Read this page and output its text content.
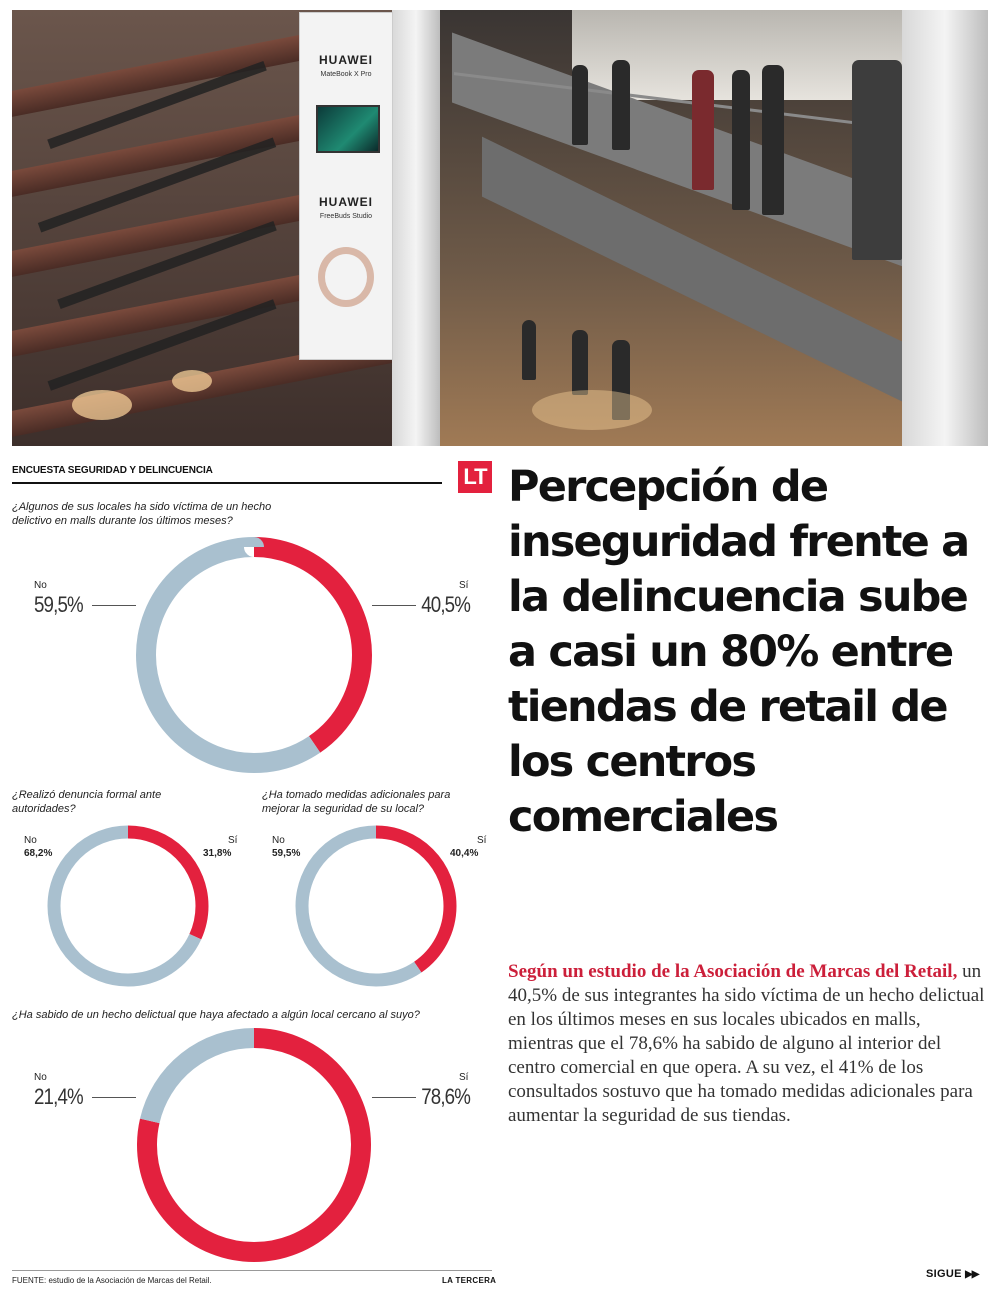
HUAWEI
MateBook X Pro
HUAWEI
FreeBuds Studio
ENCUESTA SEGURIDAD Y DELINCUENCIA	LT
¿Algunos de sus locales ha sido víctima de un hecho delictivo en malls durante los últimos meses?
No
59,5%
Sí
40,5%
¿Realizó denuncia formal ante autoridades?
No
68,2%
Sí
31,8%
¿Ha tomado medidas adicionales para mejorar la seguridad de su local?
No
59,5%
Sí
40,4%
¿Ha sabido de un hecho delictual que haya afectado a algún local cercano al suyo?
No
21,4%
Sí
78,6%
FUENTE: estudio de la Asociación de Marcas del Retail.	LA TERCERA
Percepción de inseguridad frente a la delincuencia sube a casi un 80% entre tiendas de retail de los centros comerciales
Según un estudio de la Asociación de Marcas del Retail, un 40,5% de sus integrantes ha sido víctima de un hecho delictual en los últimos meses en sus locales ubicados en malls, mientras que el 78,6% ha sabido de alguno al interior del centro comercial en que opera. A su vez, el 41% de los consultados sostuvo que ha tomado medidas adicionales para aumentar la seguridad de sus tiendas.
SIGUE ▶▶
